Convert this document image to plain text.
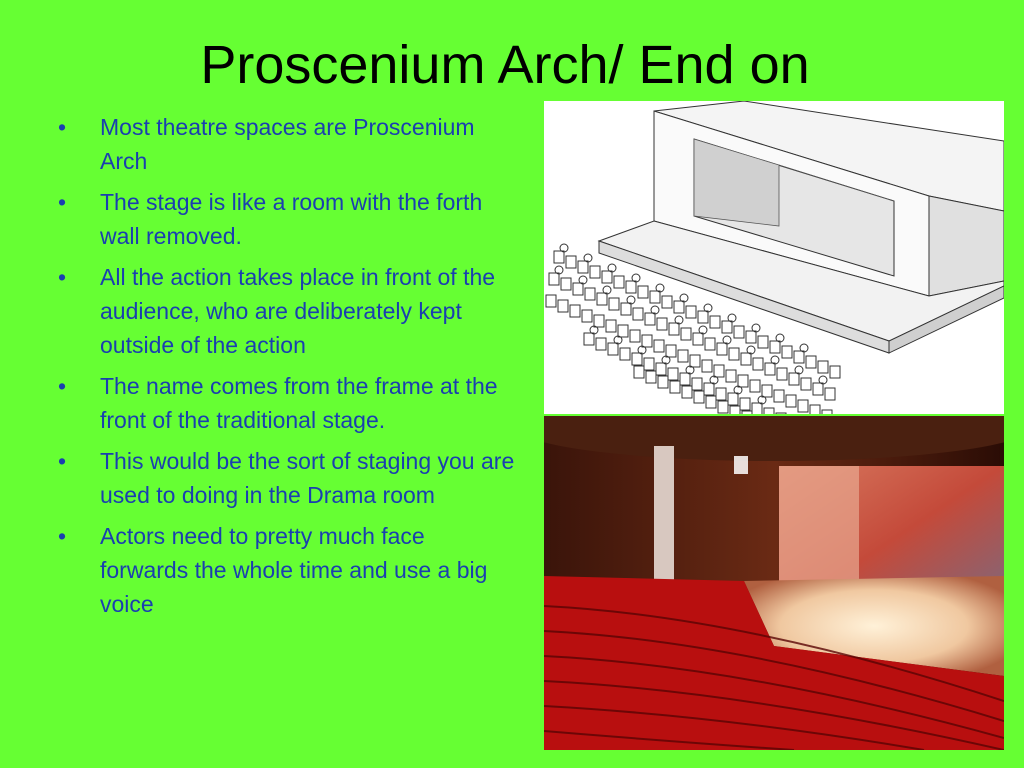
Proscenium Arch/ End on
• Most theatre spaces are Proscenium Arch
• The stage is like a room with the forth wall removed.
• All the action takes place in front of the audience, who are deliberately kept outside of the action
• The name comes from the frame at the front of the traditional stage.
• This would be the sort of staging you are used to doing in the Drama room
• Actors need to pretty much face forwards the whole time and use a big voice
